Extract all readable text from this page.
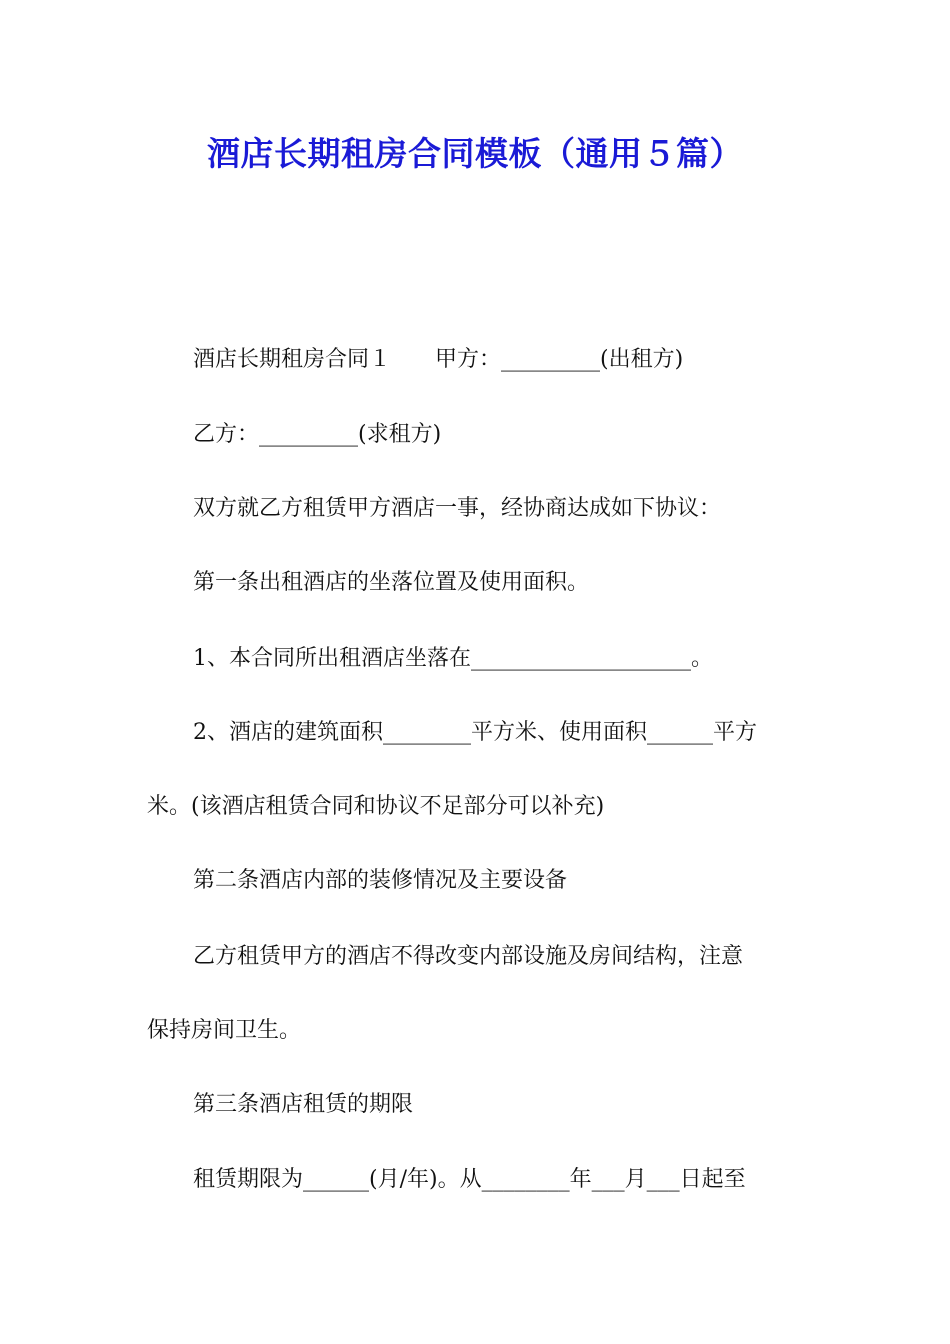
酒店长期租房合同模板（通用５篇）
酒店长期租房合同１　　甲方：_________(出租方)
乙方：_________(求租方)
双方就乙方租赁甲方酒店一事，经协商达成如下协议：
第一条出租酒店的坐落位置及使用面积。
1、本合同所出租酒店坐落在____________________。
2、酒店的建筑面积________平方米、使用面积______平方
米。(该酒店租赁合同和协议不足部分可以补充)
第二条酒店内部的装修情况及主要设备
乙方租赁甲方的酒店不得改变内部设施及房间结构，注意
保持房间卫生。
第三条酒店租赁的期限
租赁期限为______(月/年)。从________年___月___日起至
